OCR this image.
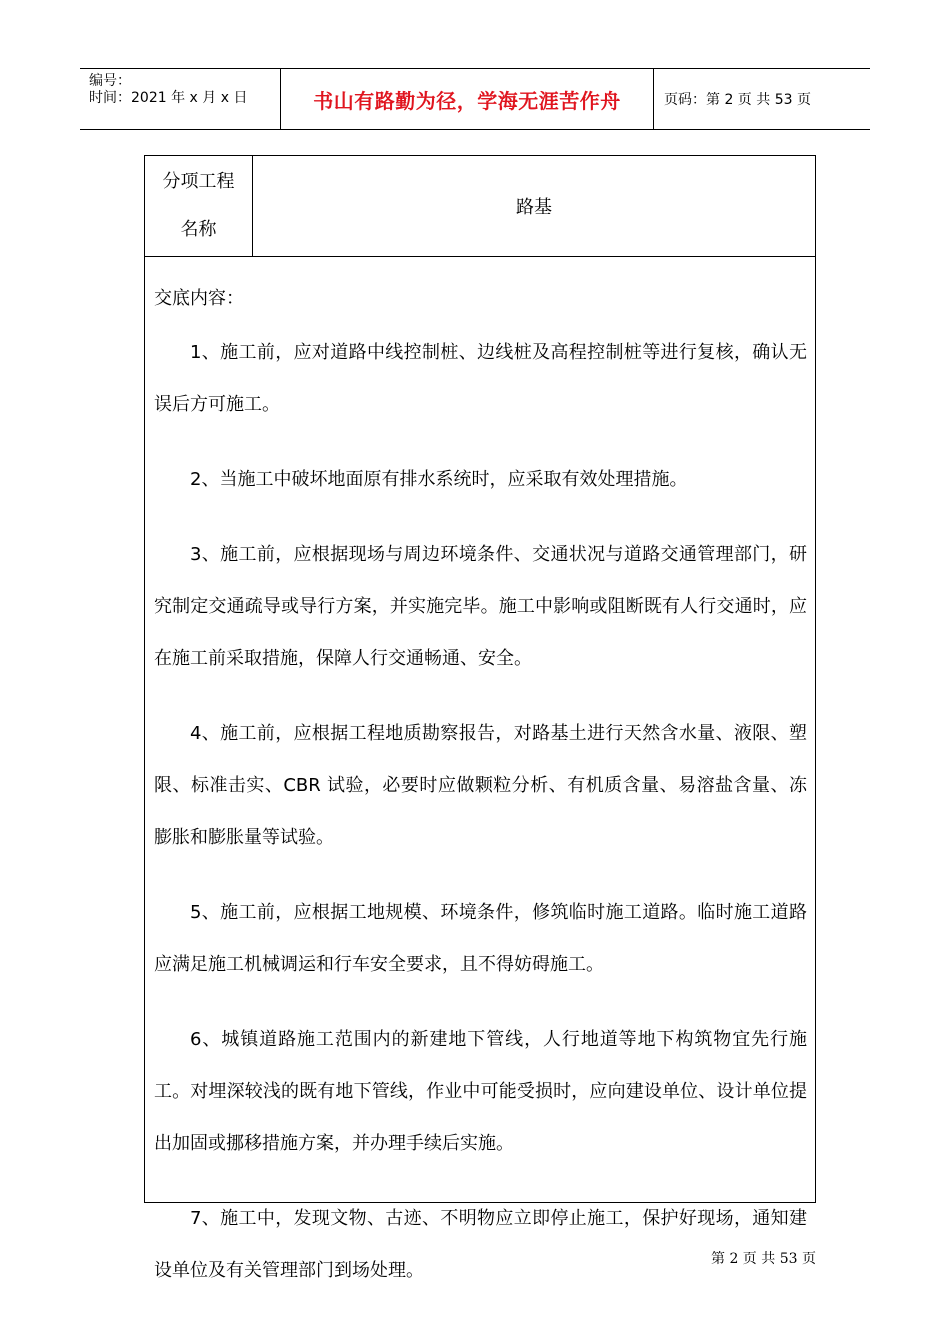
编号：
时间：2021 年 x 月 x 日	书山有路勤为径，学海无涯苦作舟	页码：第 2 页 共 53 页
分项工程
名称
路基
交底内容：

1、施工前，应对道路中线控制桩、边线桩及高程控制桩等进行复核，确认无误后方可施工。

2、当施工中破坏地面原有排水系统时，应采取有效处理措施。

3、施工前，应根据现场与周边环境条件、交通状况与道路交通管理部门，研究制定交通疏导或导行方案，并实施完毕。施工中影响或阻断既有人行交通时，应在施工前采取措施，保障人行交通畅通、安全。

4、施工前，应根据工程地质勘察报告，对路基土进行天然含水量、液限、塑限、标准击实、CBR 试验，必要时应做颗粒分析、有机质含量、易溶盐含量、冻膨胀和膨胀量等试验。

5、施工前，应根据工地规模、环境条件，修筑临时施工道路。临时施工道路应满足施工机械调运和行车安全要求，且不得妨碍施工。

6、城镇道路施工范围内的新建地下管线，人行地道等地下构筑物宜先行施工。对埋深较浅的既有地下管线，作业中可能受损时，应向建设单位、设计单位提出加固或挪移措施方案，并办理手续后实施。

7、施工中，发现文物、古迹、不明物应立即停止施工，保护好现场，通知建设单位及有关管理部门到场处理。

第 2 页 共 53 页
